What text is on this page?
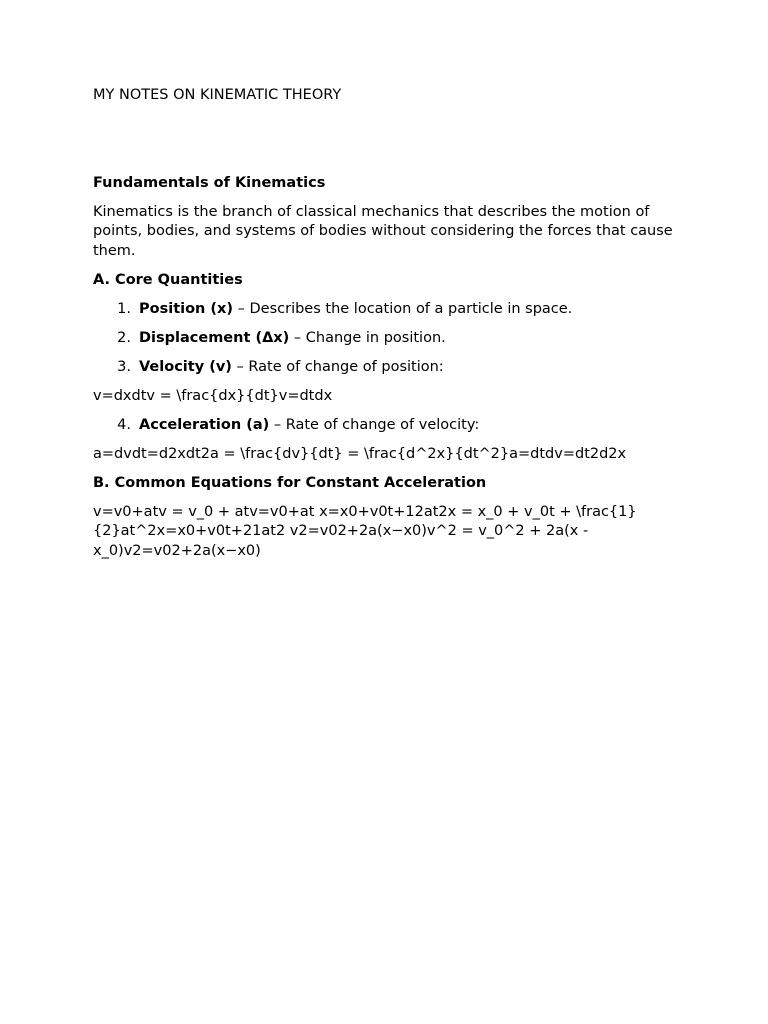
MY NOTES ON KINEMATIC THEORY

Fundamentals of Kinematics

Kinematics is the branch of classical mechanics that describes the motion of points, bodies, and systems of bodies without considering the forces that cause them.

A. Core Quantities

1. Position (x) – Describes the location of a particle in space.
2. Displacement (Δx) – Change in position.
3. Velocity (v) – Rate of change of position:

v=dxdtv = \frac{dx}{dt}v=dtdx

4. Acceleration (a) – Rate of change of velocity:

a=dvdt=d2xdt2a = \frac{dv}{dt} = \frac{d^2x}{dt^2}a=dtdv=dt2d2x

B. Common Equations for Constant Acceleration

v=v0+atv = v_0 + atv=v0+at x=x0+v0t+12at2x = x_0 + v_0t + \frac{1}{2}at^2x=x0+v0t+21at2 v2=v02+2a(x−x0)v^2 = v_0^2 + 2a(x - x_0)v2=v02+2a(x−x0)
